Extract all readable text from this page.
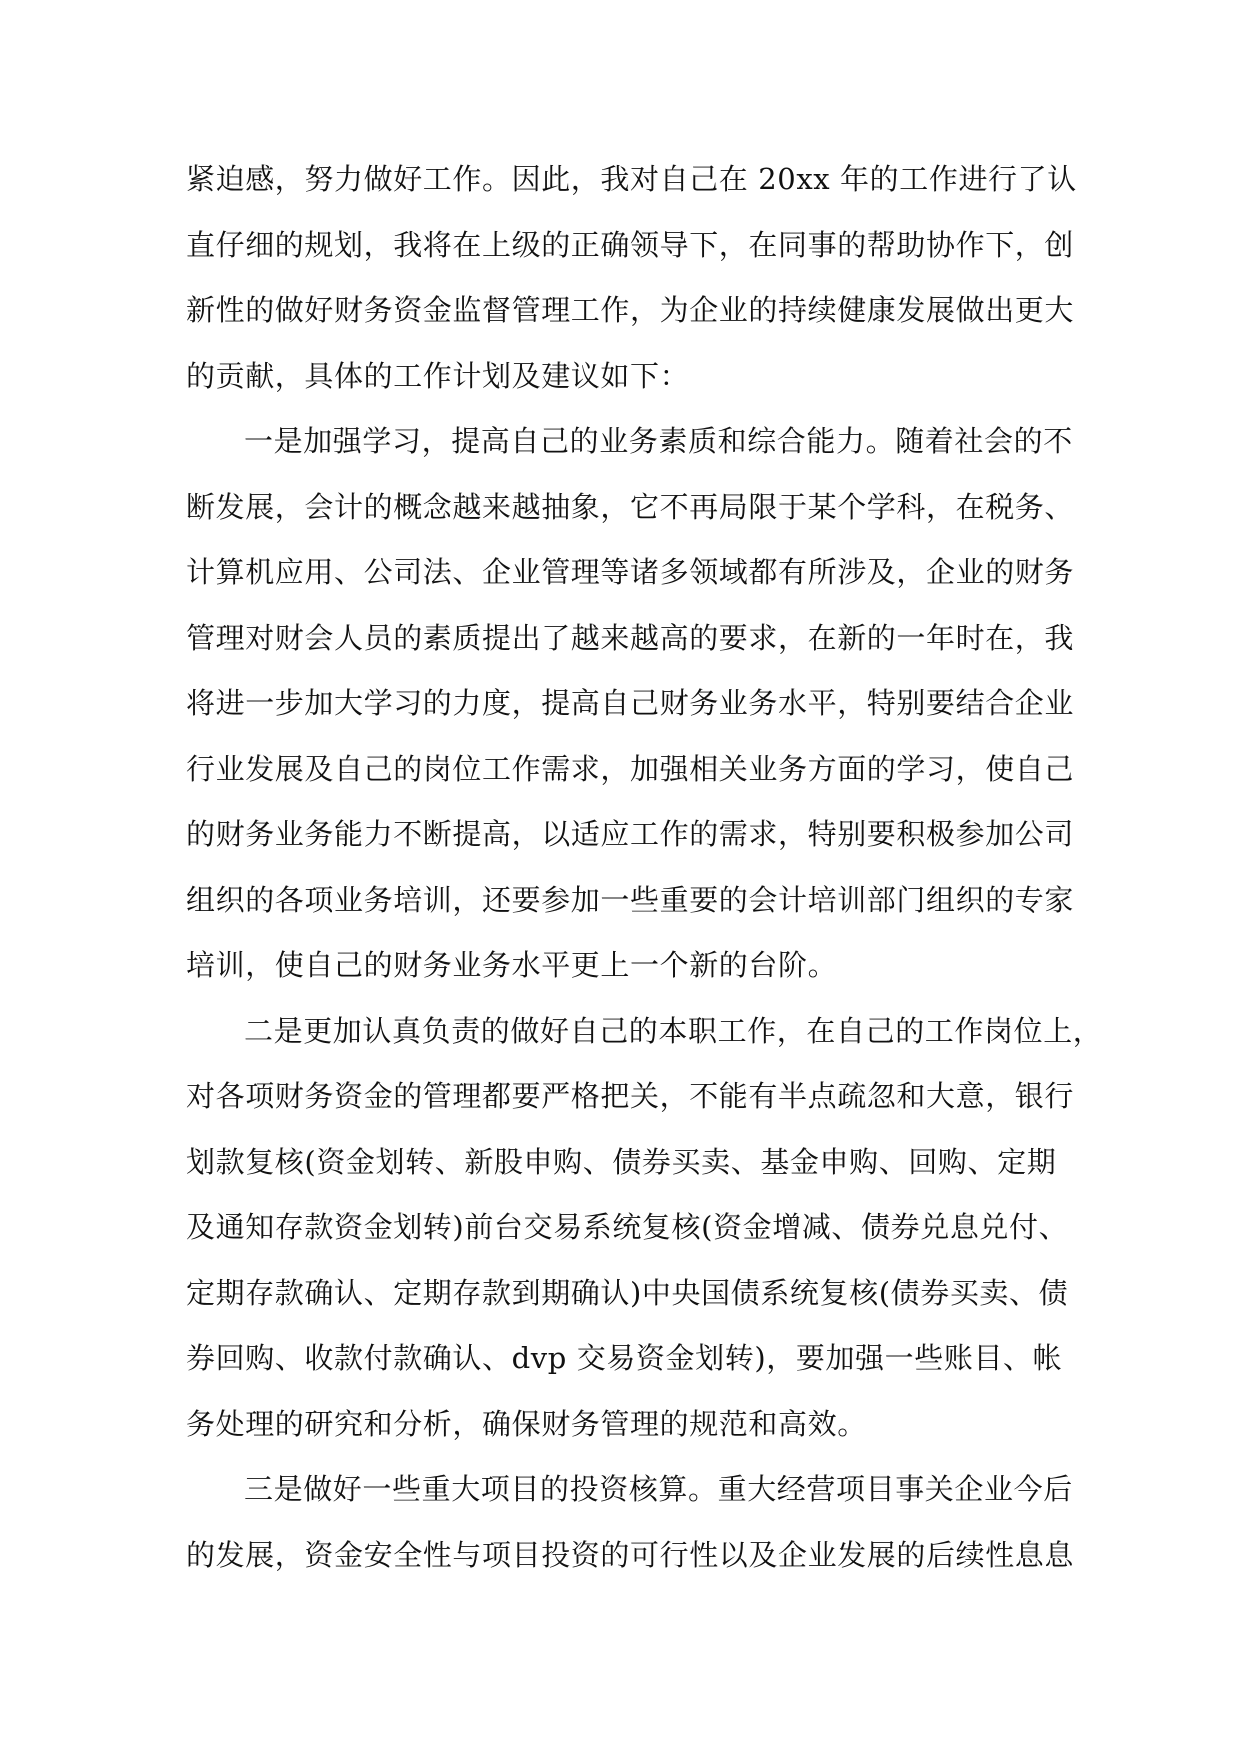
紧迫感，努力做好工作。因此，我对自己在 20xx 年的工作进行了认
直仔细的规划，我将在上级的正确领导下，在同事的帮助协作下，创
新性的做好财务资金监督管理工作，为企业的持续健康发展做出更大
的贡献，具体的工作计划及建议如下：
一是加强学习，提高自己的业务素质和综合能力。随着社会的不
断发展，会计的概念越来越抽象，它不再局限于某个学科，在税务、
计算机应用、公司法、企业管理等诸多领域都有所涉及，企业的财务
管理对财会人员的素质提出了越来越高的要求，在新的一年时在，我
将进一步加大学习的力度，提高自己财务业务水平，特别要结合企业
行业发展及自己的岗位工作需求，加强相关业务方面的学习，使自己
的财务业务能力不断提高，以适应工作的需求，特别要积极参加公司
组织的各项业务培训，还要参加一些重要的会计培训部门组织的专家
培训，使自己的财务业务水平更上一个新的台阶。
二是更加认真负责的做好自己的本职工作，在自己的工作岗位上，
对各项财务资金的管理都要严格把关，不能有半点疏忽和大意，银行
划款复核(资金划转、新股申购、债券买卖、基金申购、回购、定期
及通知存款资金划转)前台交易系统复核(资金增减、债券兑息兑付、
定期存款确认、定期存款到期确认)中央国债系统复核(债券买卖、债
券回购、收款付款确认、dvp 交易资金划转)，要加强一些账目、帐
务处理的研究和分析，确保财务管理的规范和高效。
三是做好一些重大项目的投资核算。重大经营项目事关企业今后
的发展，资金安全性与项目投资的可行性以及企业发展的后续性息息
